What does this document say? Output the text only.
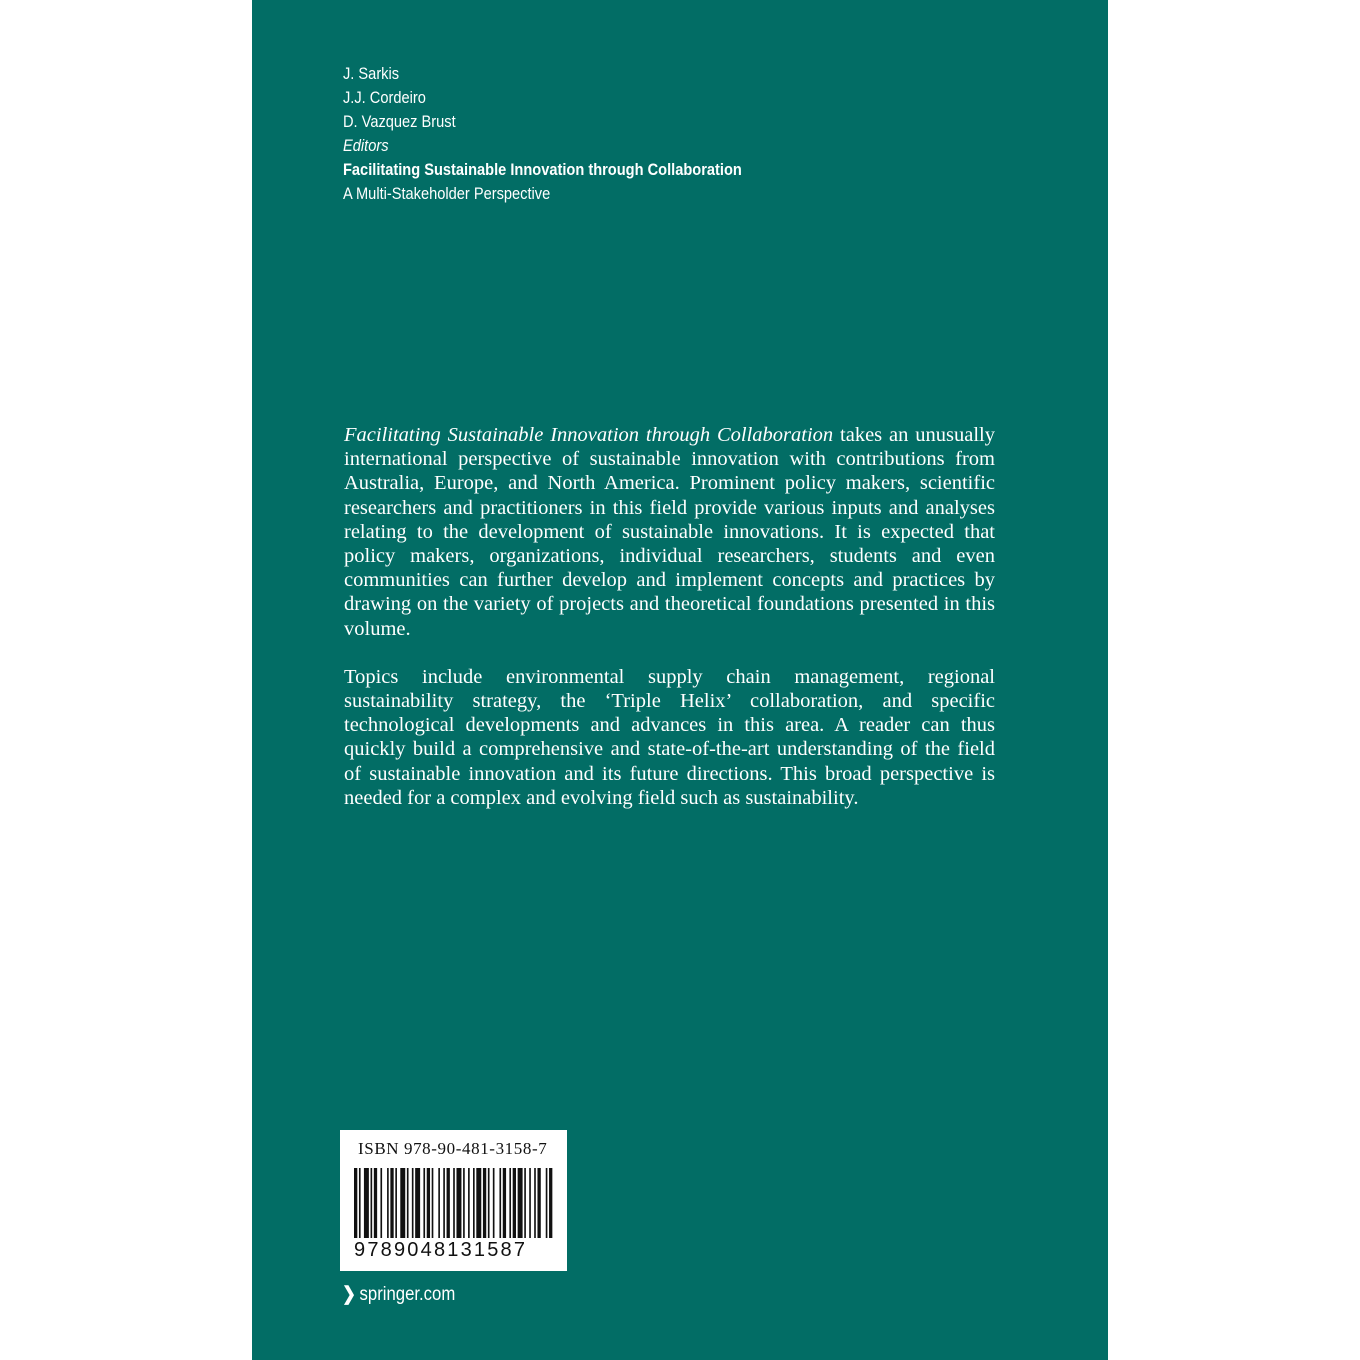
J. Sarkis
J.J. Cordeiro
D. Vazquez Brust
Editors
Facilitating Sustainable Innovation through Collaboration
A Multi-Stakeholder Perspective

Facilitating Sustainable Innovation through Collaboration takes an unusually international perspective of sustainable innovation with contributions from Australia, Europe, and North America. Prominent policy makers, scientific researchers and practitioners in this field provide various inputs and analyses relating to the development of sustainable innovations. It is expected that policy makers, organizations, individual researchers, students and even communities can further develop and implement concepts and practices by drawing on the variety of projects and theoretical foundations presented in this volume.

Topics include environmental supply chain management, regional sustainability strategy, the ‘Triple Helix’ collaboration, and specific technological developments and advances in this area. A reader can thus quickly build a comprehensive and state-of-the-art understanding of the field of sustainable innovation and its future directions. This broad perspective is needed for a complex and evolving field such as sustainability.

ISBN 978-90-481-3158-7
9789048131587
❯ springer.com
